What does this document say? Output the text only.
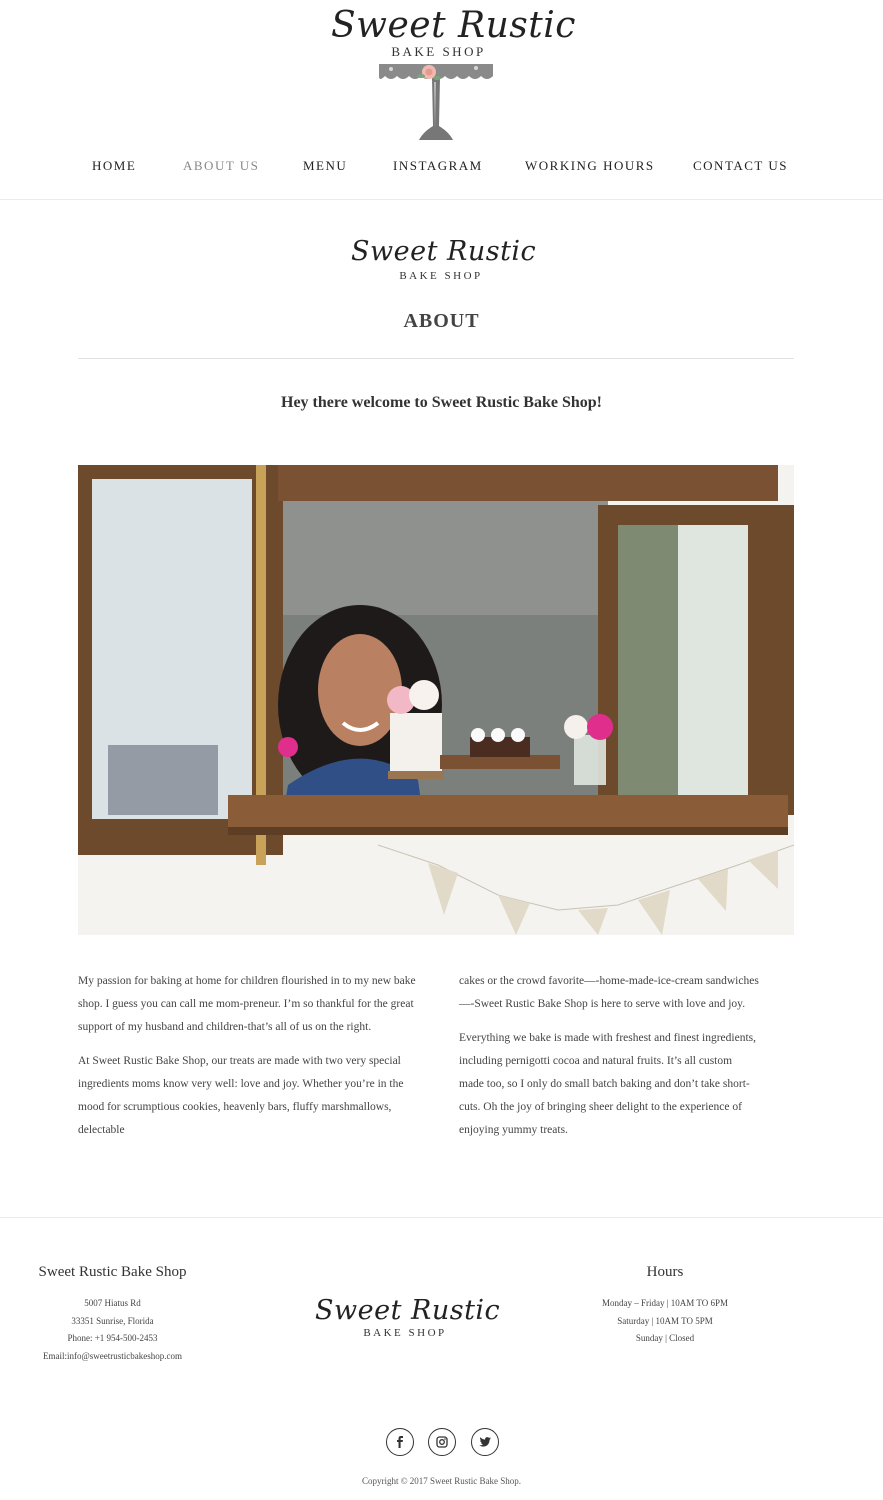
Sweet Rustic
BAKE SHOP
HOME	ABOUT US	MENU	INSTAGRAM	WORKING HOURS	CONTACT US
Sweet Rustic
BAKE SHOP
ABOUT
Hey there welcome to Sweet Rustic Bake Shop!

My passion for baking at home for children flourished in to my new bake shop. I guess you can call me mom-preneur. I’m so thankful for the great support of my husband and children-that’s all of us on the right.

At Sweet Rustic Bake Shop, our treats are made with two very special ingredients moms know very well: love and joy. Whether you’re in the mood for scrumptious cookies, heavenly bars, fluffy marshmallows, delectable

cakes or the crowd favorite—-home-made-ice-cream sandwiches —-Sweet Rustic Bake Shop is here to serve with love and joy.

Everything we bake is made with freshest and finest ingredients, including pernigotti cocoa and natural fruits. It’s all custom made too, so I only do small batch baking and don’t take short-cuts. Oh the joy of bringing sheer delight to the experience of enjoying yummy treats.

Sweet Rustic Bake Shop
5007 Hiatus Rd
33351 Sunrise, Florida
Phone: +1 954-500-2453
Email:info@sweetrusticbakeshop.com
Sweet Rustic
BAKE SHOP
Hours
Monday – Friday | 10AM TO 6PM
Saturday | 10AM TO 5PM
Sunday | Closed
Copyright © 2017 Sweet Rustic Bake Shop.
